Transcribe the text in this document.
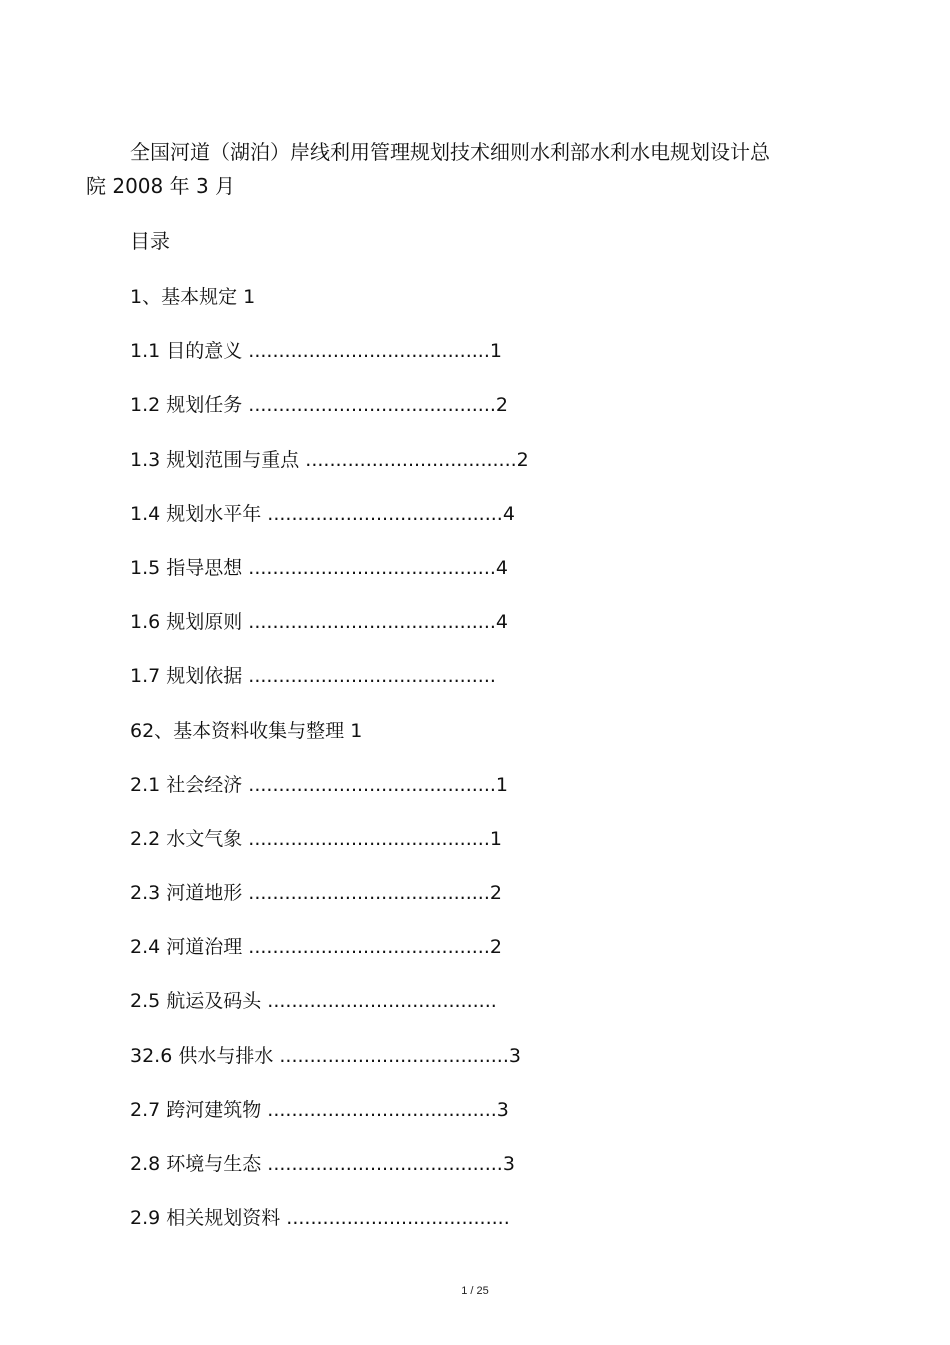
全国河道（湖泊）岸线利用管理规划技术细则水利部水利水电规划设计总
院 2008 年 3 月
目录
1、基本规定 1
1.1 目的意义 ........................................1
1.2 规划任务 .........................................2
1.3 规划范围与重点 ...................................2
1.4 规划水平年 .......................................4
1.5 指导思想 .........................................4
1.6 规划原则 .........................................4
1.7 规划依据 .........................................
62、基本资料收集与整理 1
2.1 社会经济 .........................................1
2.2 水文气象 ........................................1
2.3 河道地形 ........................................2
2.4 河道治理 ........................................2
2.5 航运及码头 ......................................
32.6 供水与排水 ......................................3
2.7 跨河建筑物 ......................................3
2.8 环境与生态 .......................................3
2.9 相关规划资料 .....................................
1 / 25
